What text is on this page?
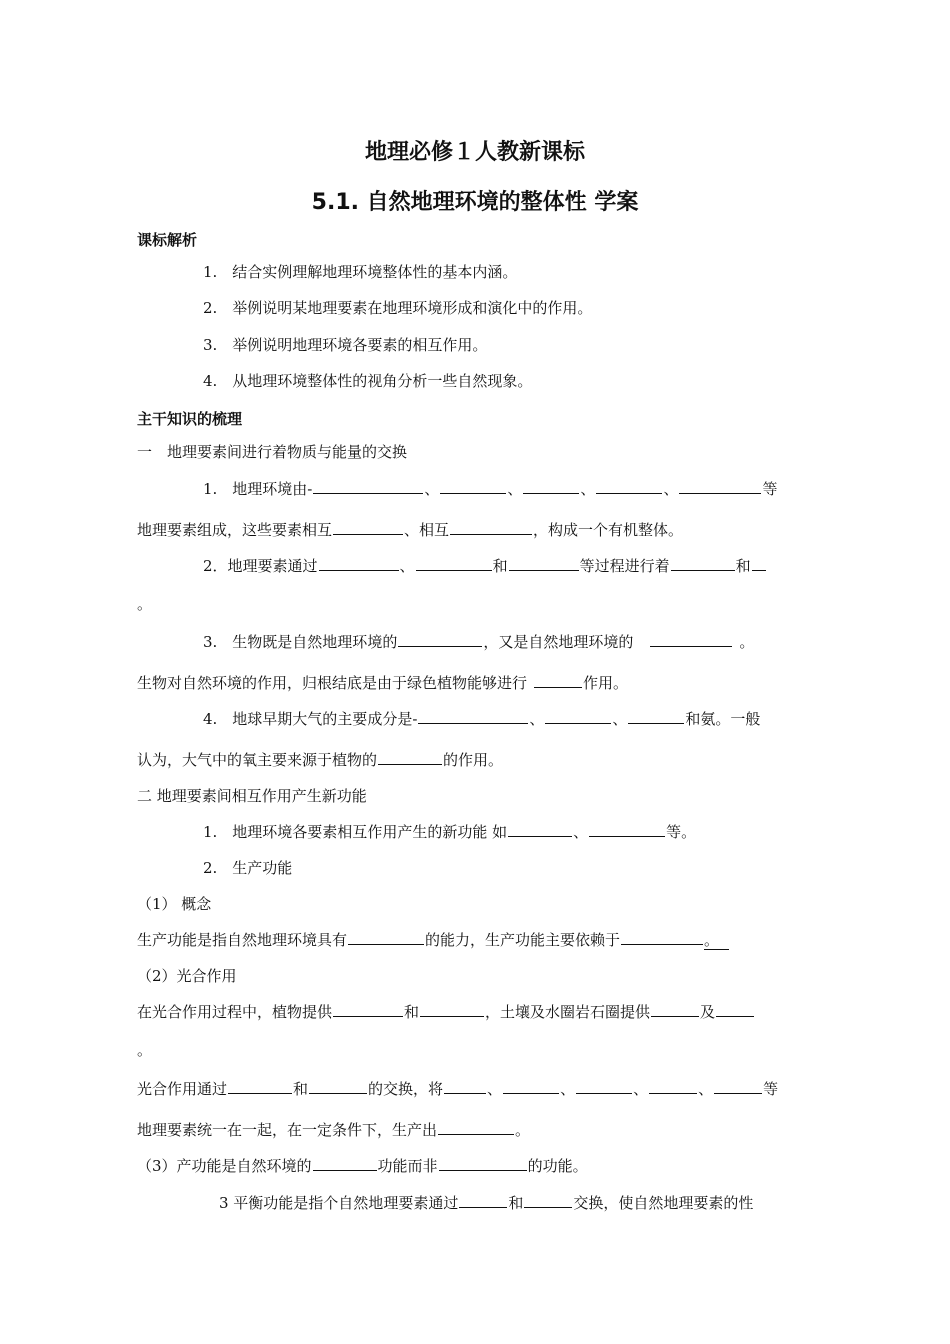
地理必修１人教新课标
5.1. 自然地理环境的整体性 学案
课标解析
1.　结合实例理解地理环境整体性的基本内涵。
2.　举例说明某地理要素在地理环境形成和演化中的作用。
3.　举例说明地理环境各要素的相互作用。
4.　从地理环境整体性的视角分析一些自然现象。
主干知识的梳理
一　地理要素间进行着物质与能量的交换
1.　地理环境由-	、	、	、	、	等
地理要素组成，这些要素相互	、相互	，构成一个有机整体。
2．地理要素通过	、	和	等过程进行着	和
。
3.　生物既是自然地理环境的	，又是自然地理环境的	。
生物对自然环境的作用，归根结底是由于绿色植物能够进行	作用。
4.　地球早期大气的主要成分是-	、	、	和氨。一般
认为，大气中的氧主要来源于植物的	的作用。
二 地理要素间相互作用产生新功能
1.　地理环境各要素相互作用产生的新功能 如	、	等。
2.　生产功能
（1） 概念
生产功能是指自然地理环境具有	的能力，生产功能主要依赖于	。
（2）光合作用
在光合作用过程中，植物提供	和	，土壤及水圈岩石圈提供	及
。
光合作用通过	和	的交换，将	、	、	、	、	等
地理要素统一在一起，在一定条件下，生产出	。
（3）产功能是自然环境的	功能而非	的功能。
3 平衡功能是指个自然地理要素通过	和	交换，使自然地理要素的性
